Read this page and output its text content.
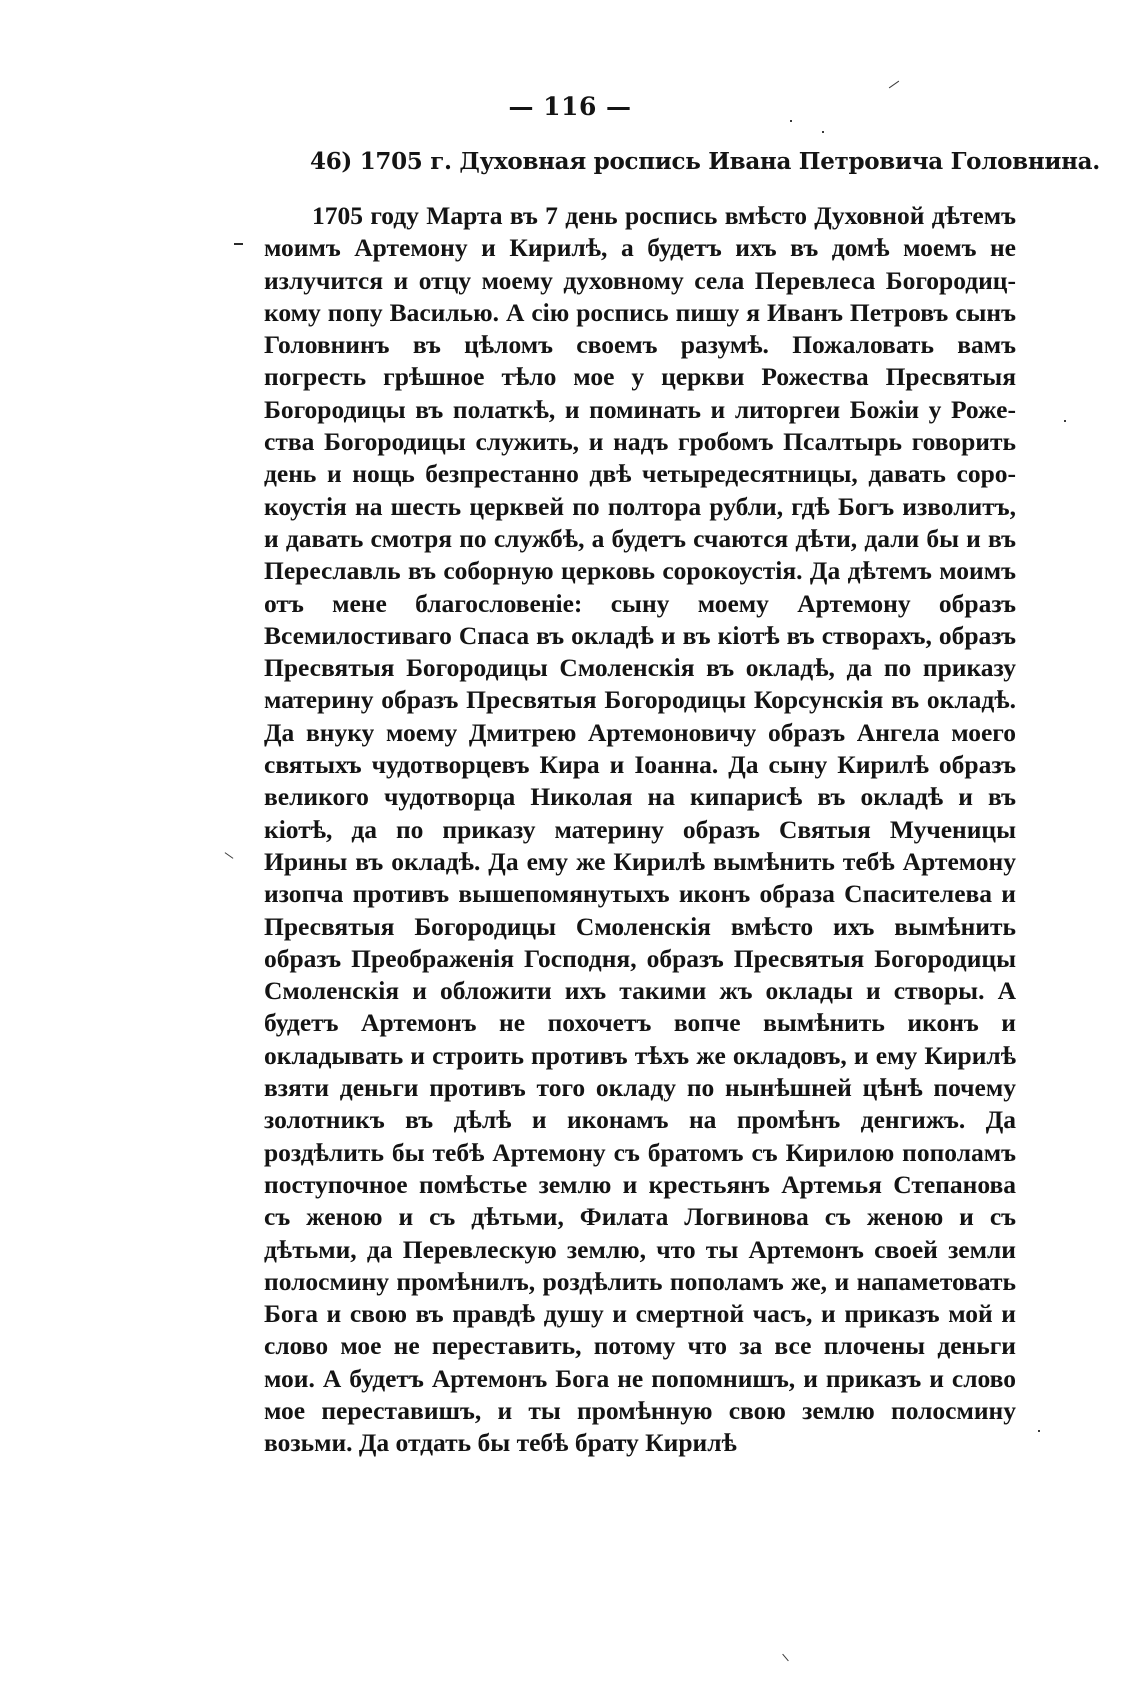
— 116 —
46) 1705 г. Духовная роспись Ивана Петровича Головнина.
1705 году Марта въ 7 день роспись вмѣсто Духовной дѣтемъ моимъ Артемону и Кирилѣ, а будетъ ихъ въ домѣ моемъ не излучится и отцу моему духовному села Перевлеса Богородицкому попу Василью. А сію роспись пишу я Иванъ Петровъ сынъ Головнинъ въ цѣломъ своемъ разумѣ. Пожаловать вамъ погресть грѣшное тѣло мое у церкви Рожества Пресвятыя Богородицы въ полаткѣ, и поминать и литоргеи Божіи у Рожества Богородицы служить, и надъ гробомъ Псалтырь говорить день и нощь безпрестанно двѣ четыредесятницы, давать сорокоустія на шесть церквей по полтора рубли, гдѣ Богъ изволитъ, и давать смотря по службѣ, а будетъ счаются дѣти, дали бы и въ Переславль въ соборную церковь сорокоустія. Да дѣтемъ моимъ отъ мене благословеніе: сыну моему Артемону образъ Всемилостиваго Спаса въ окладѣ и въ кіотѣ въ створахъ, образъ Пресвятыя Богородицы Смоленскія въ окладѣ, да по приказу материну образъ Пресвятыя Богородицы Корсунскія въ окладѣ. Да внуку моему Дмитрею Артемоновичу образъ Ангела моего святыхъ чудотворцевъ Кира и Іоанна. Да сыну Кирилѣ образъ великого чудотворца Николая на кипарисѣ въ окладѣ и въ кіотѣ, да по приказу материну образъ Святыя Мученицы Ирины въ окладѣ. Да ему же Кирилѣ вымѣнить тебѣ Артемону изопча противъ вышепомянутыхъ иконъ образа Спасителева и Пресвятыя Богородицы Смоленскія вмѣсто ихъ вымѣнить образъ Преображенія Господня, образъ Пресвятыя Богородицы Смоленскія и обложити ихъ такими жъ оклады и створы. А будетъ Артемонъ не похочетъ вопче вымѣнить иконъ и окладывать и строить противъ тѣхъ же окладовъ, и ему Кирилѣ взяти деньги противъ того окладу по нынѣшней цѣнѣ почему золотникъ въ дѣлѣ и иконамъ на промѣнъ денгижъ. Да роздѣлить бы тебѣ Артемону съ братомъ съ Кирилою пополамъ поступочное помѣстье землю и крестьянъ Артемья Степанова съ женою и съ дѣтьми, Филата Логвинова съ женою и съ дѣтьми, да Перевлескую землю, что ты Артемонъ своей земли полосмину промѣнилъ, роздѣлить пополамъ же, и напаметовать Бога и свою въ правдѣ душу и смертной часъ, и приказъ мой и слово мое не переставить, потому что за все плочены деньги мои. А будетъ Артемонъ Бога не попомнишъ, и приказъ и слово мое переставишъ, и ты промѣнную свою землю полосмину возьми. Да отдать бы тебѣ брату Кирилѣ
